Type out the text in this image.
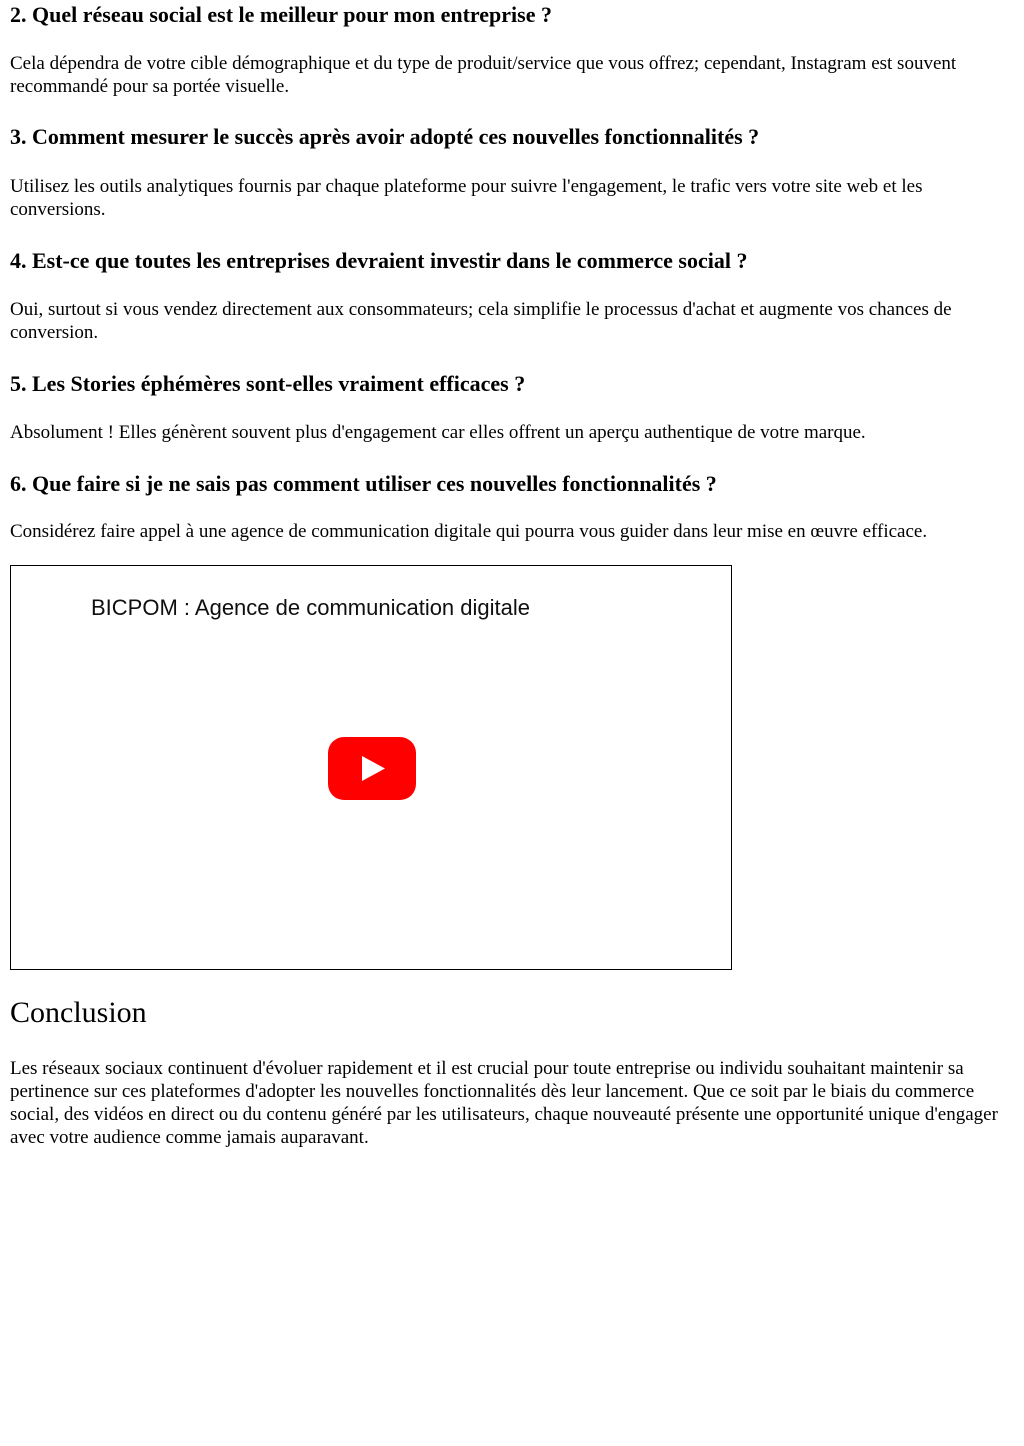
2. Quel réseau social est le meilleur pour mon entreprise ?

Cela dépendra de votre cible démographique et du type de produit/service que vous offrez; cependant, Instagram est souvent recommandé pour sa portée visuelle.

3. Comment mesurer le succès après avoir adopté ces nouvelles fonctionnalités ?

Utilisez les outils analytiques fournis par chaque plateforme pour suivre l'engagement, le trafic vers votre site web et les conversions.

4. Est-ce que toutes les entreprises devraient investir dans le commerce social ?

Oui, surtout si vous vendez directement aux consommateurs; cela simplifie le processus d'achat et augmente vos chances de conversion.

5. Les Stories éphémères sont-elles vraiment efficaces ?

Absolument ! Elles génèrent souvent plus d'engagement car elles offrent un aperçu authentique de votre marque.

6. Que faire si je ne sais pas comment utiliser ces nouvelles fonctionnalités ?

Considérez faire appel à une agence de communication digitale qui pourra vous guider dans leur mise en œuvre efficace.

BICPOM : Agence de communication digitale
Conclusion

Les réseaux sociaux continuent d'évoluer rapidement et il est crucial pour toute entreprise ou individu souhaitant maintenir sa pertinence sur ces plateformes d'adopter les nouvelles fonctionnalités dès leur lancement. Que ce soit par le biais du commerce social, des vidéos en direct ou du contenu généré par les utilisateurs, chaque nouveauté présente une opportunité unique d'engager avec votre audience comme jamais auparavant.
